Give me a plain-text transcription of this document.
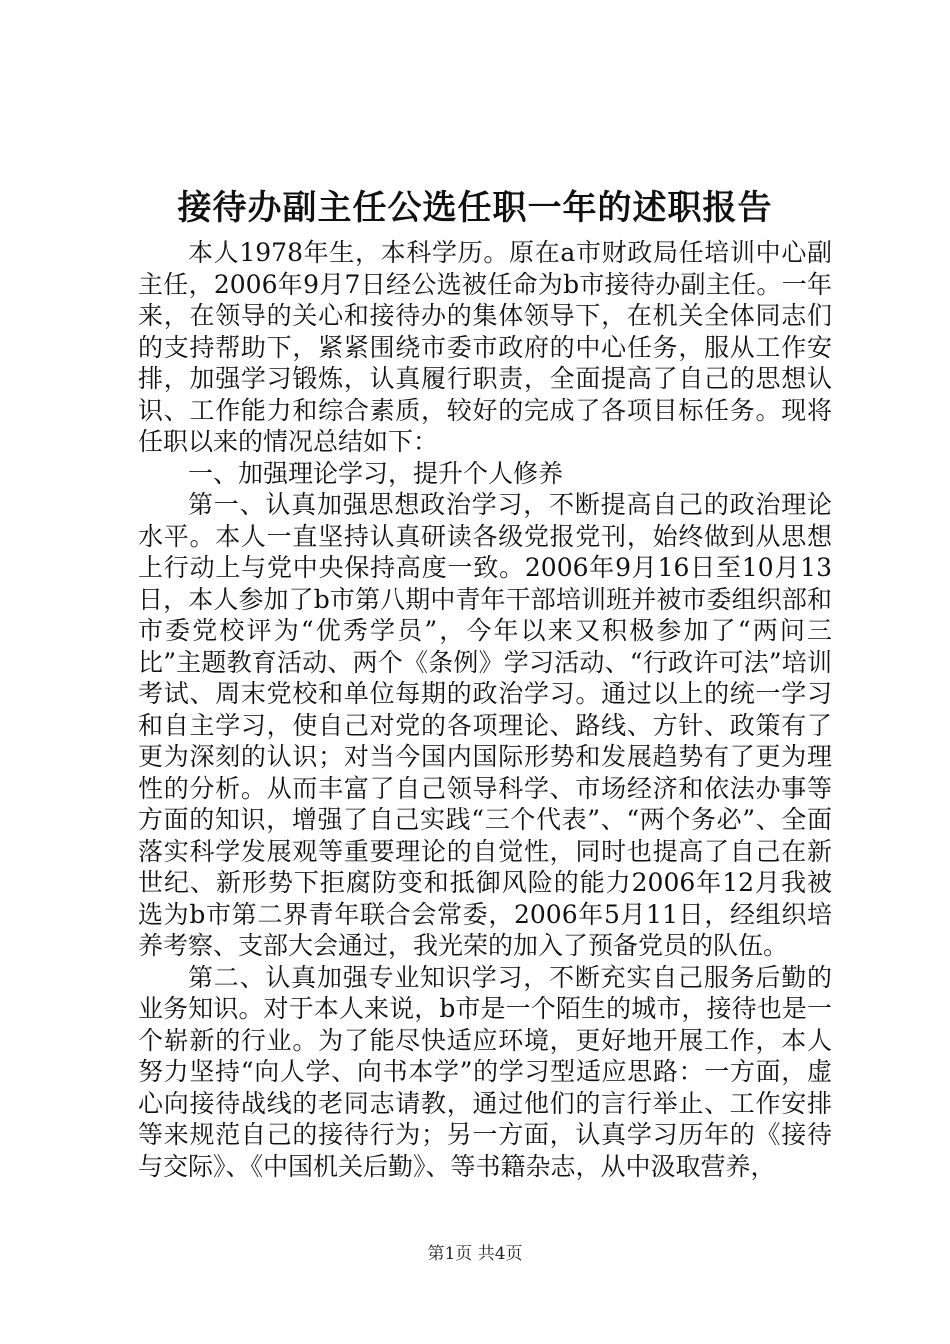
接待办副主任公选任职一年的述职报告

本人1978年生，本科学历。原在a市财政局任培训中心副主任，2006年9月7日经公选被任命为b市接待办副主任。一年来，在领导的关心和接待办的集体领导下，在机关全体同志们的支持帮助下，紧紧围绕市委市政府的中心任务，服从工作安排，加强学习锻炼，认真履行职责，全面提高了自己的思想认识、工作能力和综合素质，较好的完成了各项目标任务。现将任职以来的情况总结如下：

一、加强理论学习，提升个人修养

第一、认真加强思想政治学习，不断提高自己的政治理论水平。本人一直坚持认真研读各级党报党刊，始终做到从思想上行动上与党中央保持高度一致。2006年9月16日至10月13日，本人参加了b市第八期中青年干部培训班并被市委组织部和市委党校评为“优秀学员”，今年以来又积极参加了“两问三比”主题教育活动、两个《条例》学习活动、“行政许可法”培训考试、周末党校和单位每期的政治学习。通过以上的统一学习和自主学习，使自己对党的各项理论、路线、方针、政策有了更为深刻的认识；对当今国内国际形势和发展趋势有了更为理性的分析。从而丰富了自己领导科学、市场经济和依法办事等方面的知识，增强了自己实践“三个代表”、“两个务必”、全面落实科学发展观等重要理论的自觉性，同时也提高了自己在新世纪、新形势下拒腐防变和抵御风险的能力2006年12月我被选为b市第二界青年联合会常委，2006年5月11日，经组织培养考察、支部大会通过，我光荣的加入了预备党员的队伍。

第二、认真加强专业知识学习，不断充实自己服务后勤的业务知识。对于本人来说，b市是一个陌生的城市，接待也是一个崭新的行业。为了能尽快适应环境，更好地开展工作，本人努力坚持“向人学、向书本学”的学习型适应思路：一方面，虚心向接待战线的老同志请教，通过他们的言行举止、工作安排等来规范自己的接待行为；另一方面，认真学习历年的《接待与交际》、《中国机关后勤》、等书籍杂志，从中汲取营养，

第1页 共4页
